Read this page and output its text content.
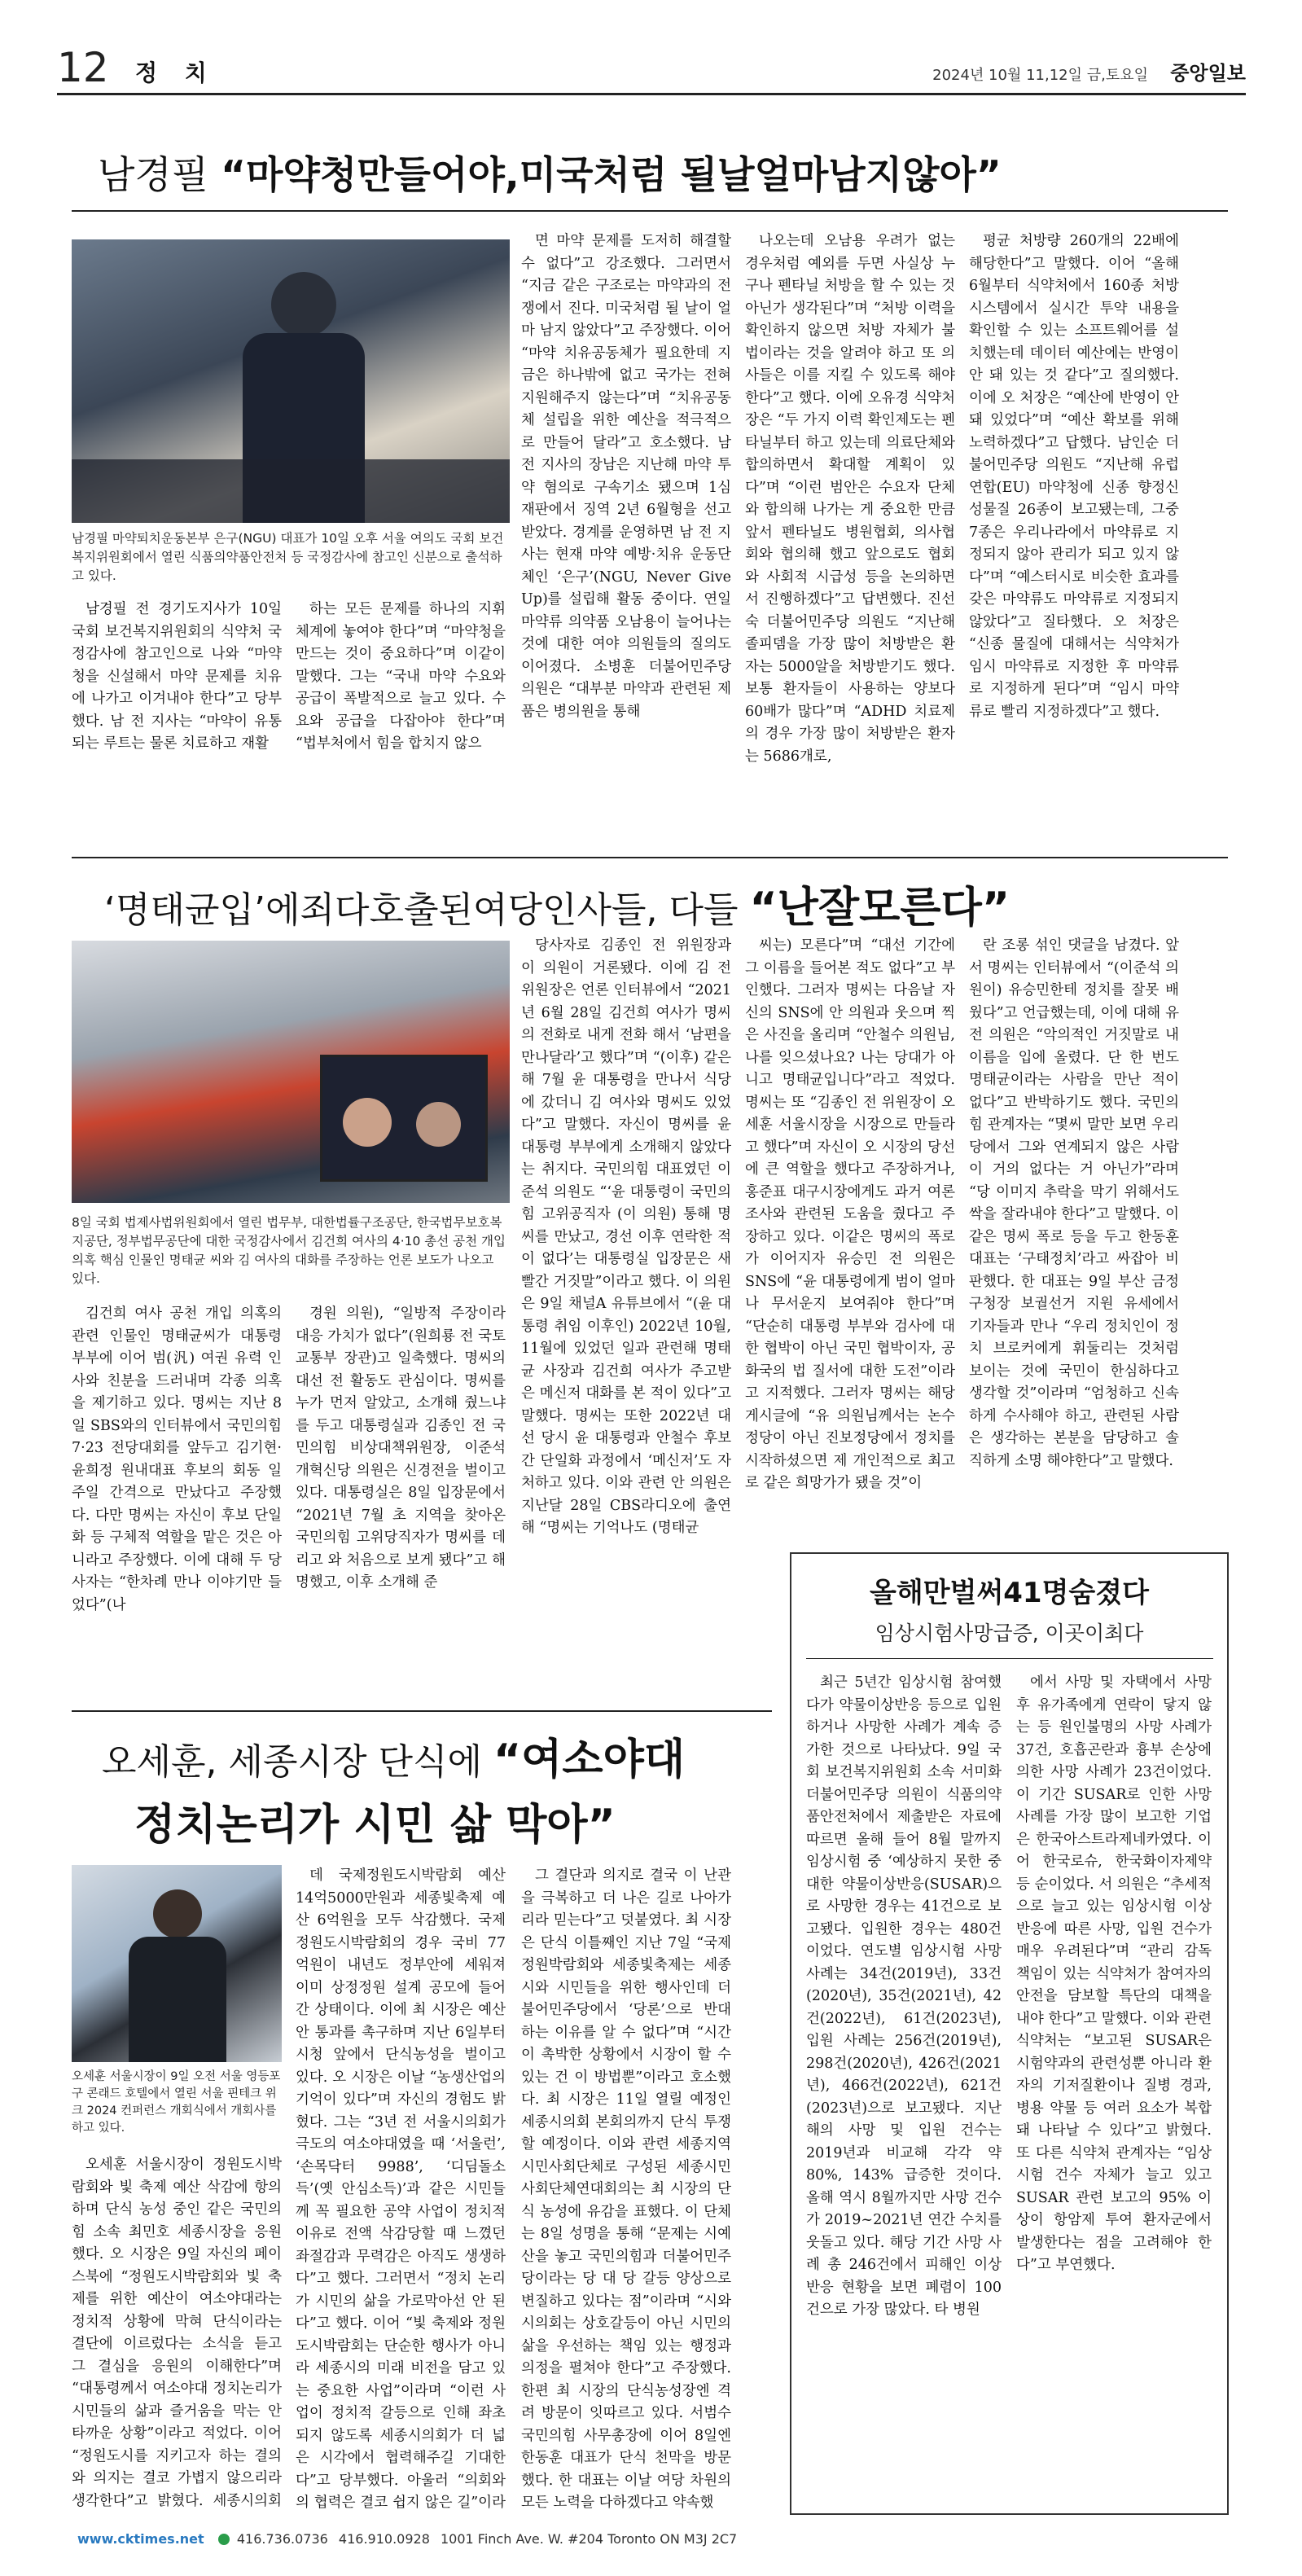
12 정 치	2024년 10월 11,12일 금,토요일 중앙일보
남경필 “마약청만들어야,미국처럼 될날얼마남지않아”
남경필 마약퇴치운동본부 은구(NGU) 대표가 10일 오후 서울 여의도 국회 보건복지위원회에서 열린 식품의약품안전처 등 국정감사에 참고인 신분으로 출석하고 있다.

남경필 전 경기도지사가 10일 국회 보건복지위원회의 식약처 국정감사에 참고인으로 나와 “마약청을 신설해서 마약 문제를 치유에 나가고 이겨내야 한다”고 당부했다. 남 전 지사는 “마약이 유통되는 루트는 물론 치료하고 재활

하는 모든 문제를 하나의 지휘체계에 놓여야 한다”며 “마약청을 만드는 것이 중요하다”며 이같이 말했다. 그는 “국내 마약 수요와 공급이 폭발적으로 늘고 있다. 수요와 공급을 다잡아야 한다”며 “법부처에서 힘을 합치지 않으

면 마약 문제를 도저히 해결할 수 없다”고 강조했다. 그러면서 “지금 같은 구조로는 마약과의 전쟁에서 진다. 미국처럼 될 날이 얼마 남지 않았다”고 주장했다. 이어 “마약 치유공동체가 필요한데 지금은 하나밖에 없고 국가는 전혀 지원해주지 않는다”며 “치유공동체 설립을 위한 예산을 적극적으로 만들어 달라”고 호소했다. 남 전 지사의 장남은 지난해 마약 투약 혐의로 구속기소 됐으며 1심 재판에서 징역 2년 6월형을 선고받았다. 경계를 운영하면 남 전 지사는 현재 마약 예방·치유 운동단체인 ‘은구’(NGU, Never Give Up)를 설립해 활동 중이다. 연일 마약류 의약품 오남용이 늘어나는 것에 대한 여야 의원들의 질의도 이어졌다. 소병훈 더불어민주당 의원은 “대부분 마약과 관련된 제품은 병의원을 통해

나오는데 오남용 우려가 없는 경우처럼 예외를 두면 사실상 누구나 펜타닐 처방을 할 수 있는 것 아닌가 생각된다”며 “처방 이력을 확인하지 않으면 처방 자체가 불법이라는 것을 알려야 하고 또 의사들은 이를 지킬 수 있도록 해야 한다”고 했다. 이에 오유경 식약처장은 “두 가지 이력 확인제도는 펜타닐부터 하고 있는데 의료단체와 합의하면서 확대할 계획이 있다”며 “이런 범안은 수요자 단체와 합의해 나가는 게 중요한 만큼 앞서 펜타닐도 병원협회, 의사협회와 협의해 했고 앞으로도 협회와 사회적 시급성 등을 논의하면서 진행하겠다”고 답변했다. 진선숙 더불어민주당 의원도 “지난해 졸피뎀을 가장 많이 처방받은 환자는 5000알을 처방받기도 했다. 보통 환자들이 사용하는 양보다 60배가 많다”며 “ADHD 치료제의 경우 가장 많이 처방받은 환자는 5686개로,

평균 처방량 260개의 22배에 해당한다”고 말했다. 이어 “올해 6월부터 식약처에서 160종 처방시스템에서 실시간 투약 내용을 확인할 수 있는 소프트웨어를 설치했는데 데이터 예산에는 반영이 안 돼 있는 것 같다”고 질의했다. 이에 오 처장은 “예산에 반영이 안 돼 있었다”며 “예산 확보를 위해 노력하겠다”고 답했다. 남인순 더불어민주당 의원도 “지난해 유럽연합(EU) 마약청에 신종 향정신성물질 26종이 보고됐는데, 그중 7종은 우리나라에서 마약류로 지정되지 않아 관리가 되고 있지 않다”며 “예스터시로 비슷한 효과를 갖은 마약류도 마약류로 지정되지 않았다”고 질타했다. 오 처장은 “신종 물질에 대해서는 식약처가 임시 마약류로 지정한 후 마약류로 지정하게 된다”며 “임시 마약류로 빨리 지정하겠다”고 했다.

‘명태균입’에죄다호출된여당인사들, 다들 “난잘모른다”
8일 국회 법제사법위원회에서 열린 법무부, 대한법률구조공단, 한국법무보호복지공단, 정부법무공단에 대한 국정감사에서 김건희 여사의 4·10 총선 공천 개입 의혹 핵심 인물인 명태균 씨와 김 여사의 대화를 주장하는 언론 보도가 나오고 있다.

김건희 여사 공천 개입 의혹의 관련 인물인 명태균씨가 대통령 부부에 이어 범(汎) 여권 유력 인사와 친분을 드러내며 각종 의혹을 제기하고 있다. 명씨는 지난 8일 SBS와의 인터뷰에서 국민의힘 7·23 전당대회를 앞두고 김기현·윤희정 원내대표 후보의 회동 일주일 간격으로 만났다고 주장했다. 다만 명씨는 자신이 후보 단일화 등 구체적 역할을 맡은 것은 아니라고 주장했다. 이에 대해 두 당사자는 “한차례 만나 이야기만 들었다”(나

경원 의원), “일방적 주장이라 대응 가치가 없다”(원희룡 전 국토교통부 장관)고 일축했다. 명씨의 대선 전 활동도 관심이다. 명씨를 누가 먼저 알았고, 소개해 줬느냐를 두고 대통령실과 김종인 전 국민의힘 비상대책위원장, 이준석 개혁신당 의원은 신경전을 벌이고 있다. 대통령실은 8일 입장문에서 “2021년 7월 초 지역을 찾아온 국민의힘 고위당직자가 명씨를 데리고 와 처음으로 보게 됐다”고 해명했고, 이후 소개해 준

당사자로 김종인 전 위원장과 이 의원이 거론됐다. 이에 김 전 위원장은 언론 인터뷰에서 “2021년 6월 28일 김건희 여사가 명씨의 전화로 내게 전화 해서 ‘남편을 만나달라’고 했다”며 “(이후) 같은 해 7월 윤 대통령을 만나서 식당에 갔더니 김 여사와 명씨도 있었다”고 말했다. 자신이 명씨를 윤 대통령 부부에게 소개해지 않았다는 취지다. 국민의힘 대표였던 이준석 의원도 “‘윤 대통령이 국민의힘 고위공직자 (이 의원) 통해 명씨를 만났고, 경선 이후 연락한 적이 없다’는 대통령실 입장문은 새빨간 거짓말”이라고 했다. 이 의원은 9일 채널A 유튜브에서 “(윤 대통령 취임 이후인) 2022년 10월, 11월에 있었던 일과 관련해 명태균 사장과 김건희 여사가 주고받은 메신저 대화를 본 적이 있다”고 말했다. 명씨는 또한 2022년 대선 당시 윤 대통령과 안철수 후보 간 단일화 과정에서 ‘메신저’도 자처하고 있다. 이와 관련 안 의원은 지난달 28일 CBS라디오에 출연해 “명씨는 기억나도 (명태균

씨는) 모른다”며 “대선 기간에 그 이름을 들어본 적도 없다”고 부인했다. 그러자 명씨는 다음날 자신의 SNS에 안 의원과 웃으며 찍은 사진을 올리며 “안철수 의원님, 나를 잊으셨나요? 나는 당대가 아니고 명태균입니다”라고 적었다. 명씨는 또 “김종인 전 위원장이 오세훈 서울시장을 시장으로 만들라고 했다”며 자신이 오 시장의 당선에 큰 역할을 했다고 주장하거나, 홍준표 대구시장에게도 과거 여론조사와 관련된 도움을 줬다고 주장하고 있다. 이같은 명씨의 폭로가 이어지자 유승민 전 의원은 SNS에 “윤 대통령에게 범이 얼마나 무서운지 보여줘야 한다”며 “단순히 대통령 부부와 검사에 대한 협박이 아닌 국민 협박이자, 공화국의 법 질서에 대한 도전”이라고 지적했다. 그러자 명씨는 해당 게시글에 “유 의원님께서는 논수정당이 아닌 진보정당에서 정치를 시작하셨으면 제 개인적으로 최고로 같은 희망가가 됐을 것”이

란 조롱 섞인 댓글을 남겼다. 앞서 명씨는 인터뷰에서 “(이준석 의원이) 유승민한테 정치를 잘못 배웠다”고 언급했는데, 이에 대해 유 전 의원은 “악의적인 거짓말로 내 이름을 입에 올렸다. 단 한 번도 명태균이라는 사람을 만난 적이 없다”고 반박하기도 했다. 국민의힘 관계자는 “몇씨 말만 보면 우리 당에서 그와 연계되지 않은 사람이 거의 없다는 거 아닌가”라며 “당 이미지 추락을 막기 위해서도 싹을 잘라내야 한다”고 말했다. 이같은 명씨 폭로 등을 두고 한동훈 대표는 ‘구태정치’라고 싸잡아 비판했다. 한 대표는 9일 부산 금정구청장 보궐선거 지원 유세에서 기자들과 만나 “우리 정치인이 정치 브로커에게 휘둘리는 것처럼 보이는 것에 국민이 한심하다고 생각할 것”이라며 “엄청하고 신속하게 수사해야 하고, 관련된 사람은 생각하는 본분을 담당하고 솔직하게 소명 해야한다”고 말했다.

올해만벌써41명숨졌다
임상시험사망급증, 이곳이최다

최근 5년간 임상시험 참여했다가 약물이상반응 등으로 입원하거나 사망한 사례가 계속 증가한 것으로 나타났다. 9일 국회 보건복지위원회 소속 서미화 더불어민주당 의원이 식품의약품안전처에서 제출받은 자료에 따르면 올해 들어 8월 말까지 임상시험 중 ‘예상하지 못한 중대한 약물이상반응(SUSAR)으로 사망한 경우는 41건으로 보고됐다. 입원한 경우는 480건이었다. 연도별 임상시험 사망 사례는 34건(2019년), 33건(2020년), 35건(2021년), 42건(2022년), 61건(2023년), 입원 사례는 256건(2019년), 298건(2020년), 426건(2021년), 466건(2022년), 621건(2023년)으로 보고됐다. 지난해의 사망 및 입원 건수는 2019년과 비교해 각각 약 80%, 143% 급증한 것이다. 올해 역시 8월까지만 사망 건수가 2019~2021년 연간 수치를 웃돌고 있다. 해당 기간 사망 사례 총 246건에서 피해인 이상 반응 현황을 보면 폐렴이 100건으로 가장 많았다. 타 병원

에서 사망 및 자택에서 사망 후 유가족에게 연락이 닿지 않는 등 원인불명의 사망 사례가 37건, 호흡곤란과 흉부 손상에 의한 사망 사례가 23건이었다. 이 기간 SUSAR로 인한 사망 사례를 가장 많이 보고한 기업은 한국아스트라제네카였다. 이어 한국로슈, 한국화이자제약 등 순이었다. 서 의원은 “추세적으로 늘고 있는 임상시험 이상 반응에 따른 사망, 입원 건수가 매우 우려된다”며 “관리 감독 책임이 있는 식약처가 참여자의 안전을 담보할 특단의 대책을 내야 한다”고 말했다. 이와 관련 식약처는 “보고된 SUSAR은 시험약과의 관련성뿐 아니라 환자의 기저질환이나 질병 경과, 병용 약물 등 여러 요소가 복합돼 나타날 수 있다”고 밝혔다. 또 다른 식약처 관계자는 “임상시험 건수 자체가 늘고 있고 SUSAR 관련 보고의 95% 이상이 항암제 투여 환자군에서 발생한다는 점을 고려해야 한다”고 부연했다.

오세훈, 세종시장 단식에 “여소야대
정치논리가 시민 삶 막아”
오세훈 서울시장이 9일 오전 서울 영등포구 콘래드 호텔에서 열린 서울 핀테크 위크 2024 컨퍼런스 개회식에서 개회사를 하고 있다.

오세훈 서울시장이 정원도시박람회와 빛 축제 예산 삭감에 항의하며 단식 농성 중인 같은 국민의힘 소속 최민호 세종시장을 응원했다. 오 시장은 9일 자신의 페이스북에 “정원도시박람회와 빛 축제를 위한 예산이 여소야대라는 정치적 상황에 막혀 단식이라는 결단에 이르렀다는 소식을 듣고 그 결심을 응원의 이해한다”며 “대통령께서 여소야대 정치논리가 시민들의 삶과 즐거움을 막는 안타까운 상황”이라고 적었다. 이어 “정원도시를 지키고자 하는 결의와 의지는 결코 가볍지 않으리라 생각한다”고 밝혔다. 세종시의회

데 국제정원도시박람회 예산 14억5000만원과 세종빛축제 예산 6억원을 모두 삭감했다. 국제정원도시박람회의 경우 국비 77억원이 내년도 정부안에 세워져 이미 상정정원 설계 공모에 들어간 상태이다. 이에 최 시장은 예산안 통과를 촉구하며 지난 6일부터 시청 앞에서 단식농성을 벌이고 있다. 오 시장은 이날 “농생산업의 기억이 있다”며 자신의 경험도 밝혔다. 그는 “3년 전 서울시의회가 극도의 여소야대였을 때 ‘서울런’, ‘손목닥터 9988’, ‘디딤돌소득’(옛 안심소득)’과 같은 시민들께 꼭 필요한 공약 사업이 정치적 이유로 전액 삭감당할 때 느꼈던 좌절감과 무력감은 아직도 생생하다”고 했다. 그러면서 “정치 논리가 시민의 삶을 가로막아선 안 된다”고 했다. 이어 “빛 축제와 정원도시박람회는 단순한 행사가 아니라 세종시의 미래 비전을 담고 있는 중요한 사업”이라며 “이런 사업이 정치적 갈등으로 인해 좌초되지 않도록 세종시의회가 더 넓은 시각에서 협력해주길 기대한다”고 당부했다. 아울러 “의회와의 협력은 결코 쉽지 않은 길”이라

그 결단과 의지로 결국 이 난관을 극복하고 더 나은 길로 나아가리라 믿는다”고 덧붙였다. 최 시장은 단식 이틀째인 지난 7일 “국제정원박람회와 세종빛축제는 세종시와 시민들을 위한 행사인데 더불어민주당에서 ‘당론’으로 반대하는 이유를 알 수 없다”며 “시간이 촉박한 상황에서 시장이 할 수 있는 건 이 방법뿐”이라고 호소했다. 최 시장은 11일 열릴 예정인 세종시의회 본회의까지 단식 투쟁할 예정이다. 이와 관련 세종지역 시민사회단체로 구성된 세종시민사회단체연대회의는 최 시장의 단식 농성에 유감을 표했다. 이 단체는 8일 성명을 통해 “문제는 시예산을 놓고 국민의힘과 더불어민주당이라는 당 대 당 갈등 양상으로 변질하고 있다는 점”이라며 “시와 시의회는 상호갈등이 아닌 시민의 삶을 우선하는 책임 있는 행정과 의정을 펼쳐야 한다”고 주장했다. 한편 최 시장의 단식농성장엔 격려 방문이 잇따르고 있다. 서범수 국민의힘 사무총장에 이어 8일엔 한동훈 대표가 단식 천막을 방문했다. 한 대표는 이날 여당 차원의 모든 노력을 다하겠다고 약속했

www.cktimes.net	416.736.0736 416.910.0928 1001 Finch Ave. W. #204 Toronto ON M3J 2C7
